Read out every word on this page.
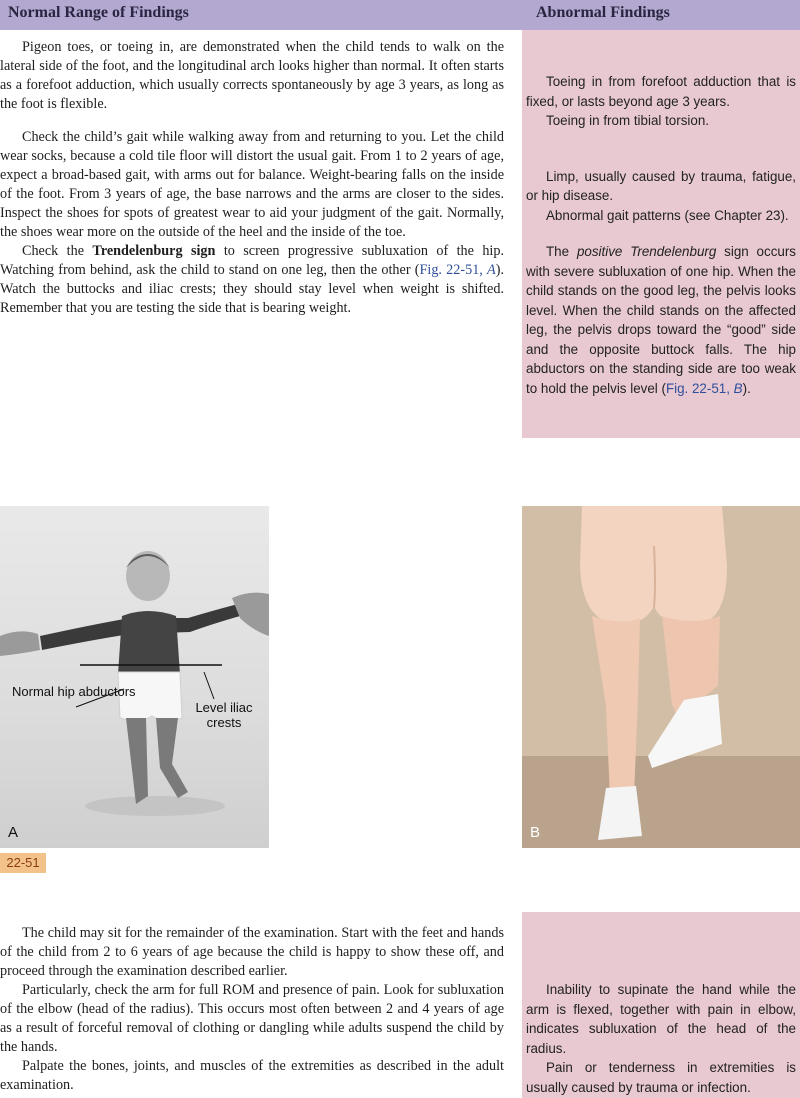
Normal Range of Findings	Abnormal Findings

Pigeon toes, or toeing in, are demonstrated when the child tends to walk on the lateral side of the foot, and the longitudinal arch looks higher than normal. It often starts as a forefoot adduction, which usually corrects spontaneously by age 3 years, as long as the foot is flexible.

Check the child’s gait while walking away from and returning to you. Let the child wear socks, because a cold tile floor will distort the usual gait. From 1 to 2 years of age, expect a broad-based gait, with arms out for balance. Weight-bearing falls on the inside of the foot. From 3 years of age, the base narrows and the arms are closer to the sides. Inspect the shoes for spots of greatest wear to aid your judgment of the gait. Normally, the shoes wear more on the outside of the heel and the inside of the toe.

Check the Trendelenburg sign to screen progressive subluxation of the hip. Watching from behind, ask the child to stand on one leg, then the other (Fig. 22-51, A). Watch the buttocks and iliac crests; they should stay level when weight is shifted. Remember that you are testing the side that is bearing weight.

Toeing in from forefoot adduction that is fixed, or lasts beyond age 3 years.

Toeing in from tibial torsion.

Limp, usually caused by trauma, fatigue, or hip disease.

Abnormal gait patterns (see Chapter 23).

The positive Trendelenburg sign occurs with severe subluxation of one hip. When the child stands on the good leg, the pelvis looks level. When the child stands on the affected leg, the pelvis drops toward the “good” side and the opposite buttock falls. The hip abductors on the standing side are too weak to hold the pelvis level (Fig. 22-51, B).

Normal hip abductors
Level iliac crests
A	B
22-51

The child may sit for the remainder of the examination. Start with the feet and hands of the child from 2 to 6 years of age because the child is happy to show these off, and proceed through the examination described earlier.

Particularly, check the arm for full ROM and presence of pain. Look for subluxation of the elbow (head of the radius). This occurs most often between 2 and 4 years of age as a result of forceful removal of clothing or dangling while adults suspend the child by the hands.

Palpate the bones, joints, and muscles of the extremities as described in the adult examination.

Inability to supinate the hand while the arm is flexed, together with pain in elbow, indicates subluxation of the head of the radius.

Pain or tenderness in extremities is usually caused by trauma or infection.
